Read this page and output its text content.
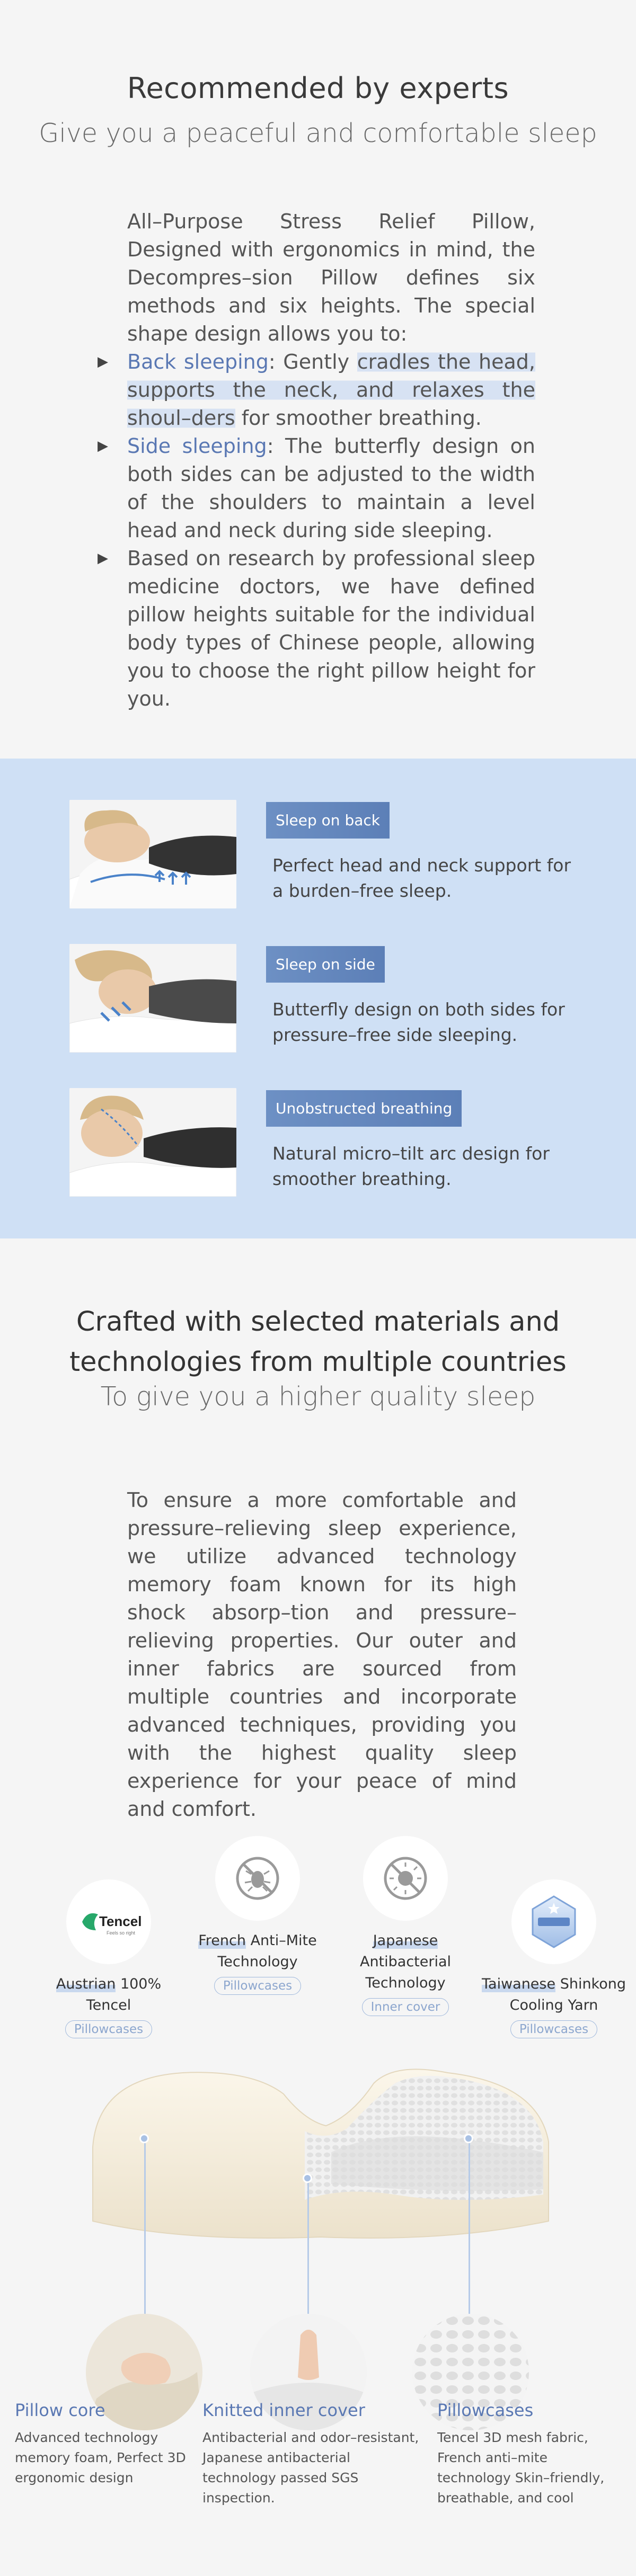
Recommended by experts
Give you a peaceful and comfortable sleep

All–Purpose Stress Relief Pillow, Designed with ergonomics in mind, the Decompres–sion Pillow defines six methods and six heights. The special shape design allows you to:

▶ Back sleeping: Gently cradles the head, supports the neck, and relaxes the shoul–ders for smoother breathing.
▶ Side sleeping: The butterfly design on both sides can be adjusted to the width of the shoulders to maintain a level head and neck during side sleeping.
▶ Based on research by professional sleep medicine doctors, we have defined pillow heights suitable for the individual body types of Chinese people, allowing you to choose the right pillow height for you.
Sleep on back
Perfect head and neck support for a burden–free sleep.
Sleep on side
Butterfly design on both sides for pressure–free side sleeping.
Unobstructed breathing
Natural micro–tilt arc design for smoother breathing.
Crafted with selected materials and
technologies from multiple countries
To give you a higher quality sleep

To ensure a more comfortable and pressure–relieving sleep experience, we utilize advanced technology memory foam known for its high shock absorp–tion and pressure–relieving properties. Our outer and inner fabrics are sourced from multiple countries and incorporate advanced techniques, providing you with the highest quality sleep experience for your peace of mind and comfort.

Tencel
Feels so right
Austrian 100% Tencel
Pillowcases
French Anti–Mite Technology
Pillowcases
Japanese Antibacterial Technology
Inner cover
Taiwanese Shinkong Cooling Yarn
Pillowcases
Pillow core
Advanced technology memory foam, Perfect 3D ergonomic design
Knitted inner cover
Antibacterial and odor–resistant, Japanese antibacterial technology passed SGS inspection.
Pillowcases
Tencel 3D mesh fabric, French anti–mite technology Skin–friendly, breathable, and cool
